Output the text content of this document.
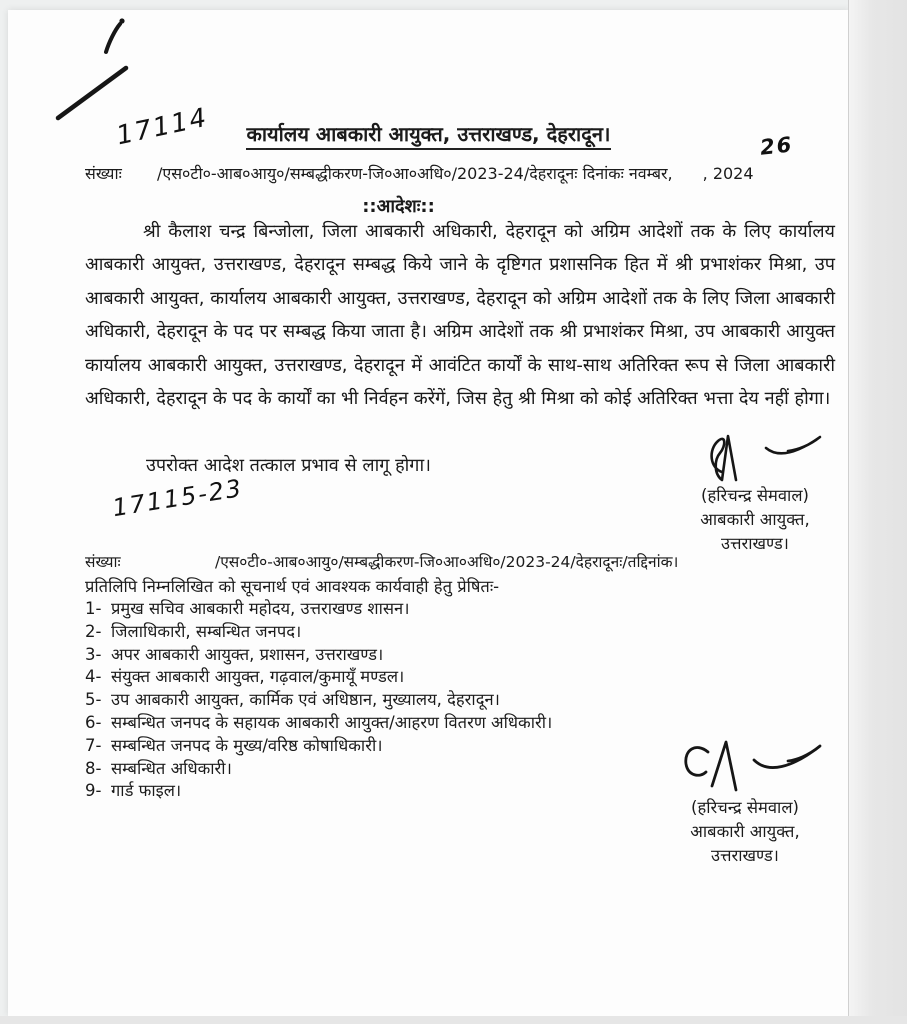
17114	कार्यालय आबकारी आयुक्त, उत्तराखण्ड, देहरादून।
संख्याः /एस०टी०-आब०आयु०/सम्बद्धीकरण-जि०आ०अधि०/2023-24/देहरादूनः दिनांकः नवम्बर, , 2024
26
::आदेशः::
श्री कैलाश चन्द्र बिन्जोला, जिला आबकारी अधिकारी, देहरादून को अग्रिम आदेशों तक के लिए कार्यालय आबकारी आयुक्त, उत्तराखण्ड, देहरादून सम्बद्ध किये जाने के दृष्टिगत प्रशासनिक हित में श्री प्रभाशंकर मिश्रा, उप आबकारी आयुक्त, कार्यालय आबकारी आयुक्त, उत्तराखण्ड, देहरादून को अग्रिम आदेशों तक के लिए जिला आबकारी अधिकारी, देहरादून के पद पर सम्बद्ध किया जाता है। अग्रिम आदेशों तक श्री प्रभाशंकर मिश्रा, उप आबकारी आयुक्त कार्यालय आबकारी आयुक्त, उत्तराखण्ड, देहरादून में आवंटित कार्यों के साथ-साथ अतिरिक्त रूप से जिला आबकारी अधिकारी, देहरादून के पद के कार्यों का भी निर्वहन करेंगें, जिस हेतु श्री मिश्रा को कोई अतिरिक्त भत्ता देय नहीं होगा।
उपरोक्त आदेश तत्काल प्रभाव से लागू होगा।
(हरिचन्द्र सेमवाल)
आबकारी आयुक्त,
उत्तराखण्ड।
17115-23
संख्याः	/एस०टी०-आब०आयु०/सम्बद्धीकरण-जि०आ०अधि०/2023-24/देहरादूनः/तद्दिनांक।
प्रतिलिपि निम्नलिखित को सूचनार्थ एवं आवश्यक कार्यवाही हेतु प्रेषितः-
1- प्रमुख सचिव आबकारी महोदय, उत्तराखण्ड शासन।
2- जिलाधिकारी, सम्बन्धित जनपद।
3- अपर आबकारी आयुक्त, प्रशासन, उत्तराखण्ड।
4- संयुक्त आबकारी आयुक्त, गढ़वाल/कुमायूँ मण्डल।
5- उप आबकारी आयुक्त, कार्मिक एवं अधिष्ठान, मुख्यालय, देहरादून।
6- सम्बन्धित जनपद के सहायक आबकारी आयुक्त/आहरण वितरण अधिकारी।
7- सम्बन्धित जनपद के मुख्य/वरिष्ठ कोषाधिकारी।
8- सम्बन्धित अधिकारी।
9- गार्ड फाइल।
(हरिचन्द्र सेमवाल)
आबकारी आयुक्त,
उत्तराखण्ड।
